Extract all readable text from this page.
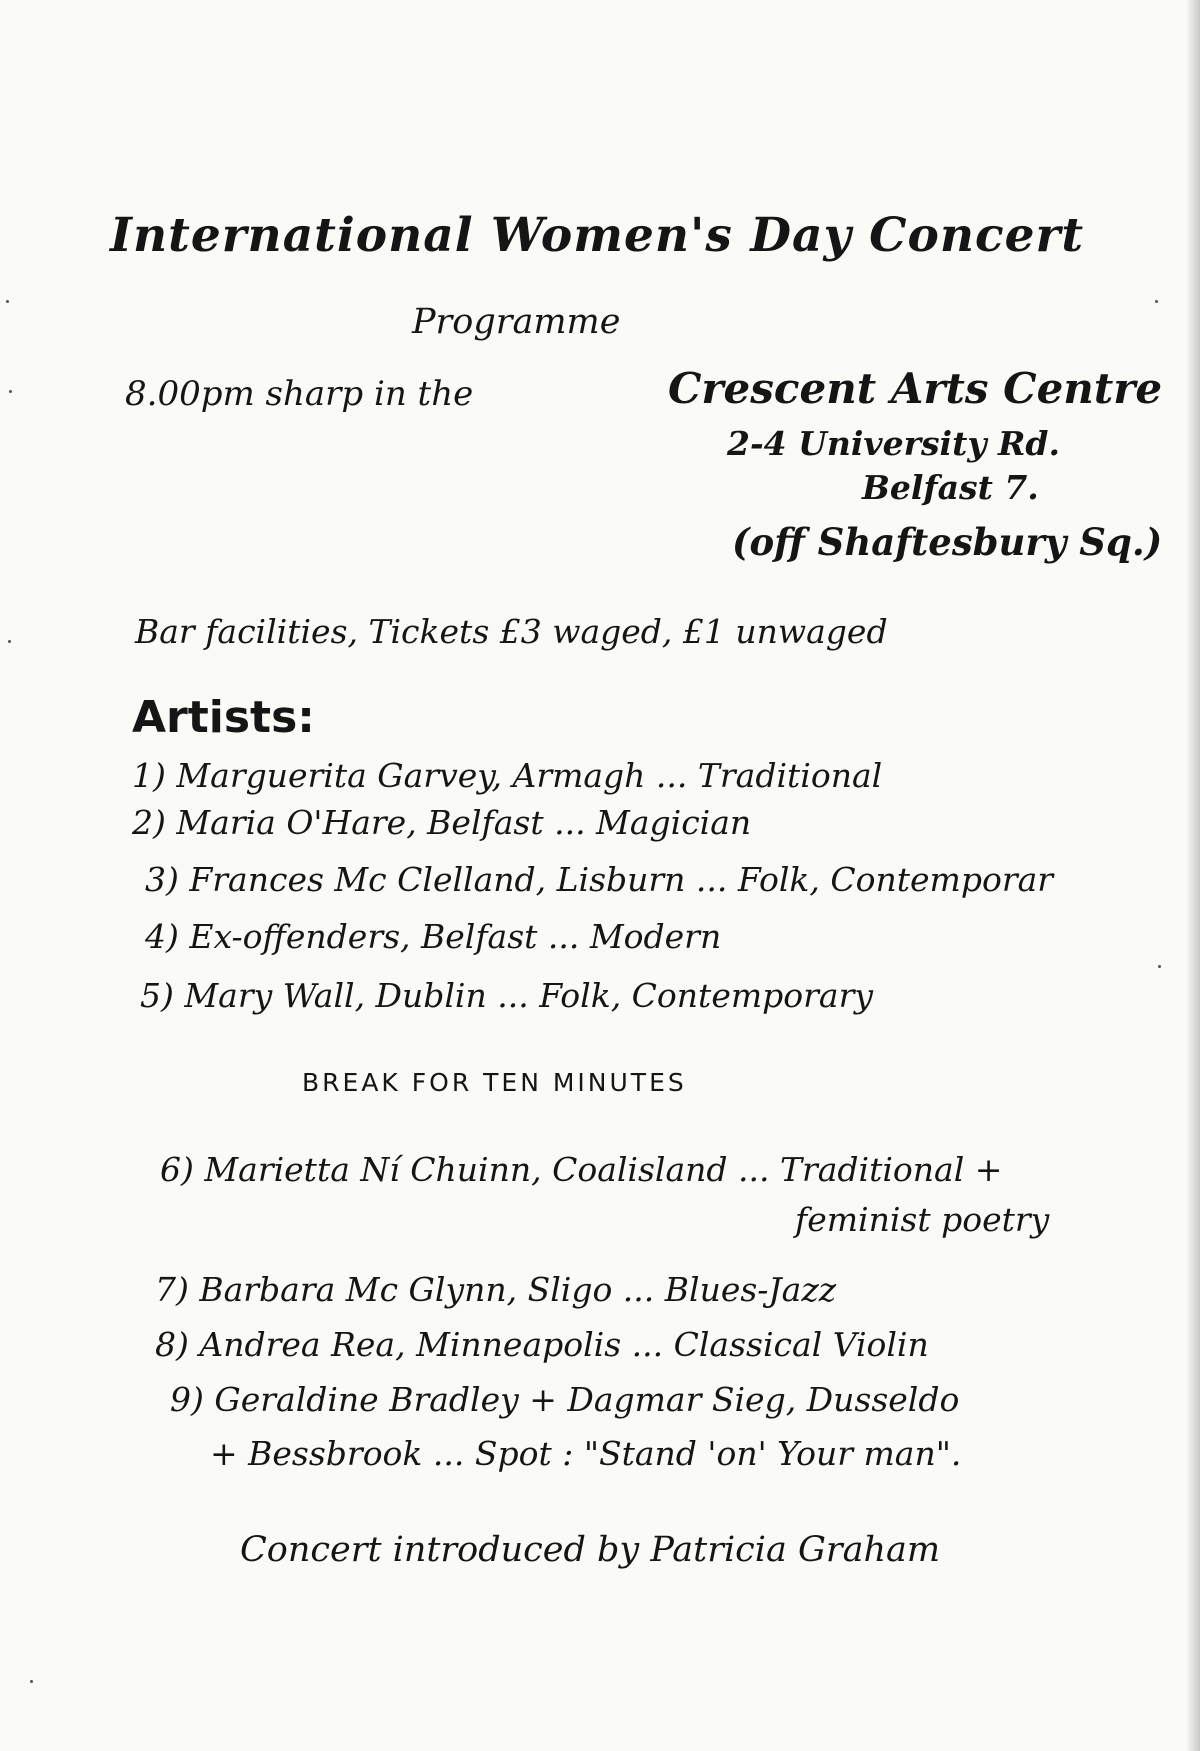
International Women's Day Concert
Programme
8.00pm sharp in the	Crescent Arts Centre
2-4 University Rd.
Belfast 7.
(off Shaftesbury Sq.)
Bar facilities, Tickets £3 waged, £1 unwaged
Artists:
1) Marguerita Garvey, Armagh ... Traditional
2) Maria O'Hare, Belfast ... Magician
3) Frances Mc Clelland, Lisburn ... Folk, Contemporar
4) Ex-offenders, Belfast ... Modern
5) Mary Wall, Dublin ... Folk, Contemporary
BREAK FOR TEN MINUTES
6) Marietta Ní Chuinn, Coalisland ... Traditional +
feminist poetry
7) Barbara Mc Glynn, Sligo ... Blues-Jazz
8) Andrea Rea, Minneapolis ... Classical Violin
9) Geraldine Bradley + Dagmar Sieg, Dusseldo
+ Bessbrook ... Spot : "Stand 'on' Your man".
Concert introduced by Patricia Graham
